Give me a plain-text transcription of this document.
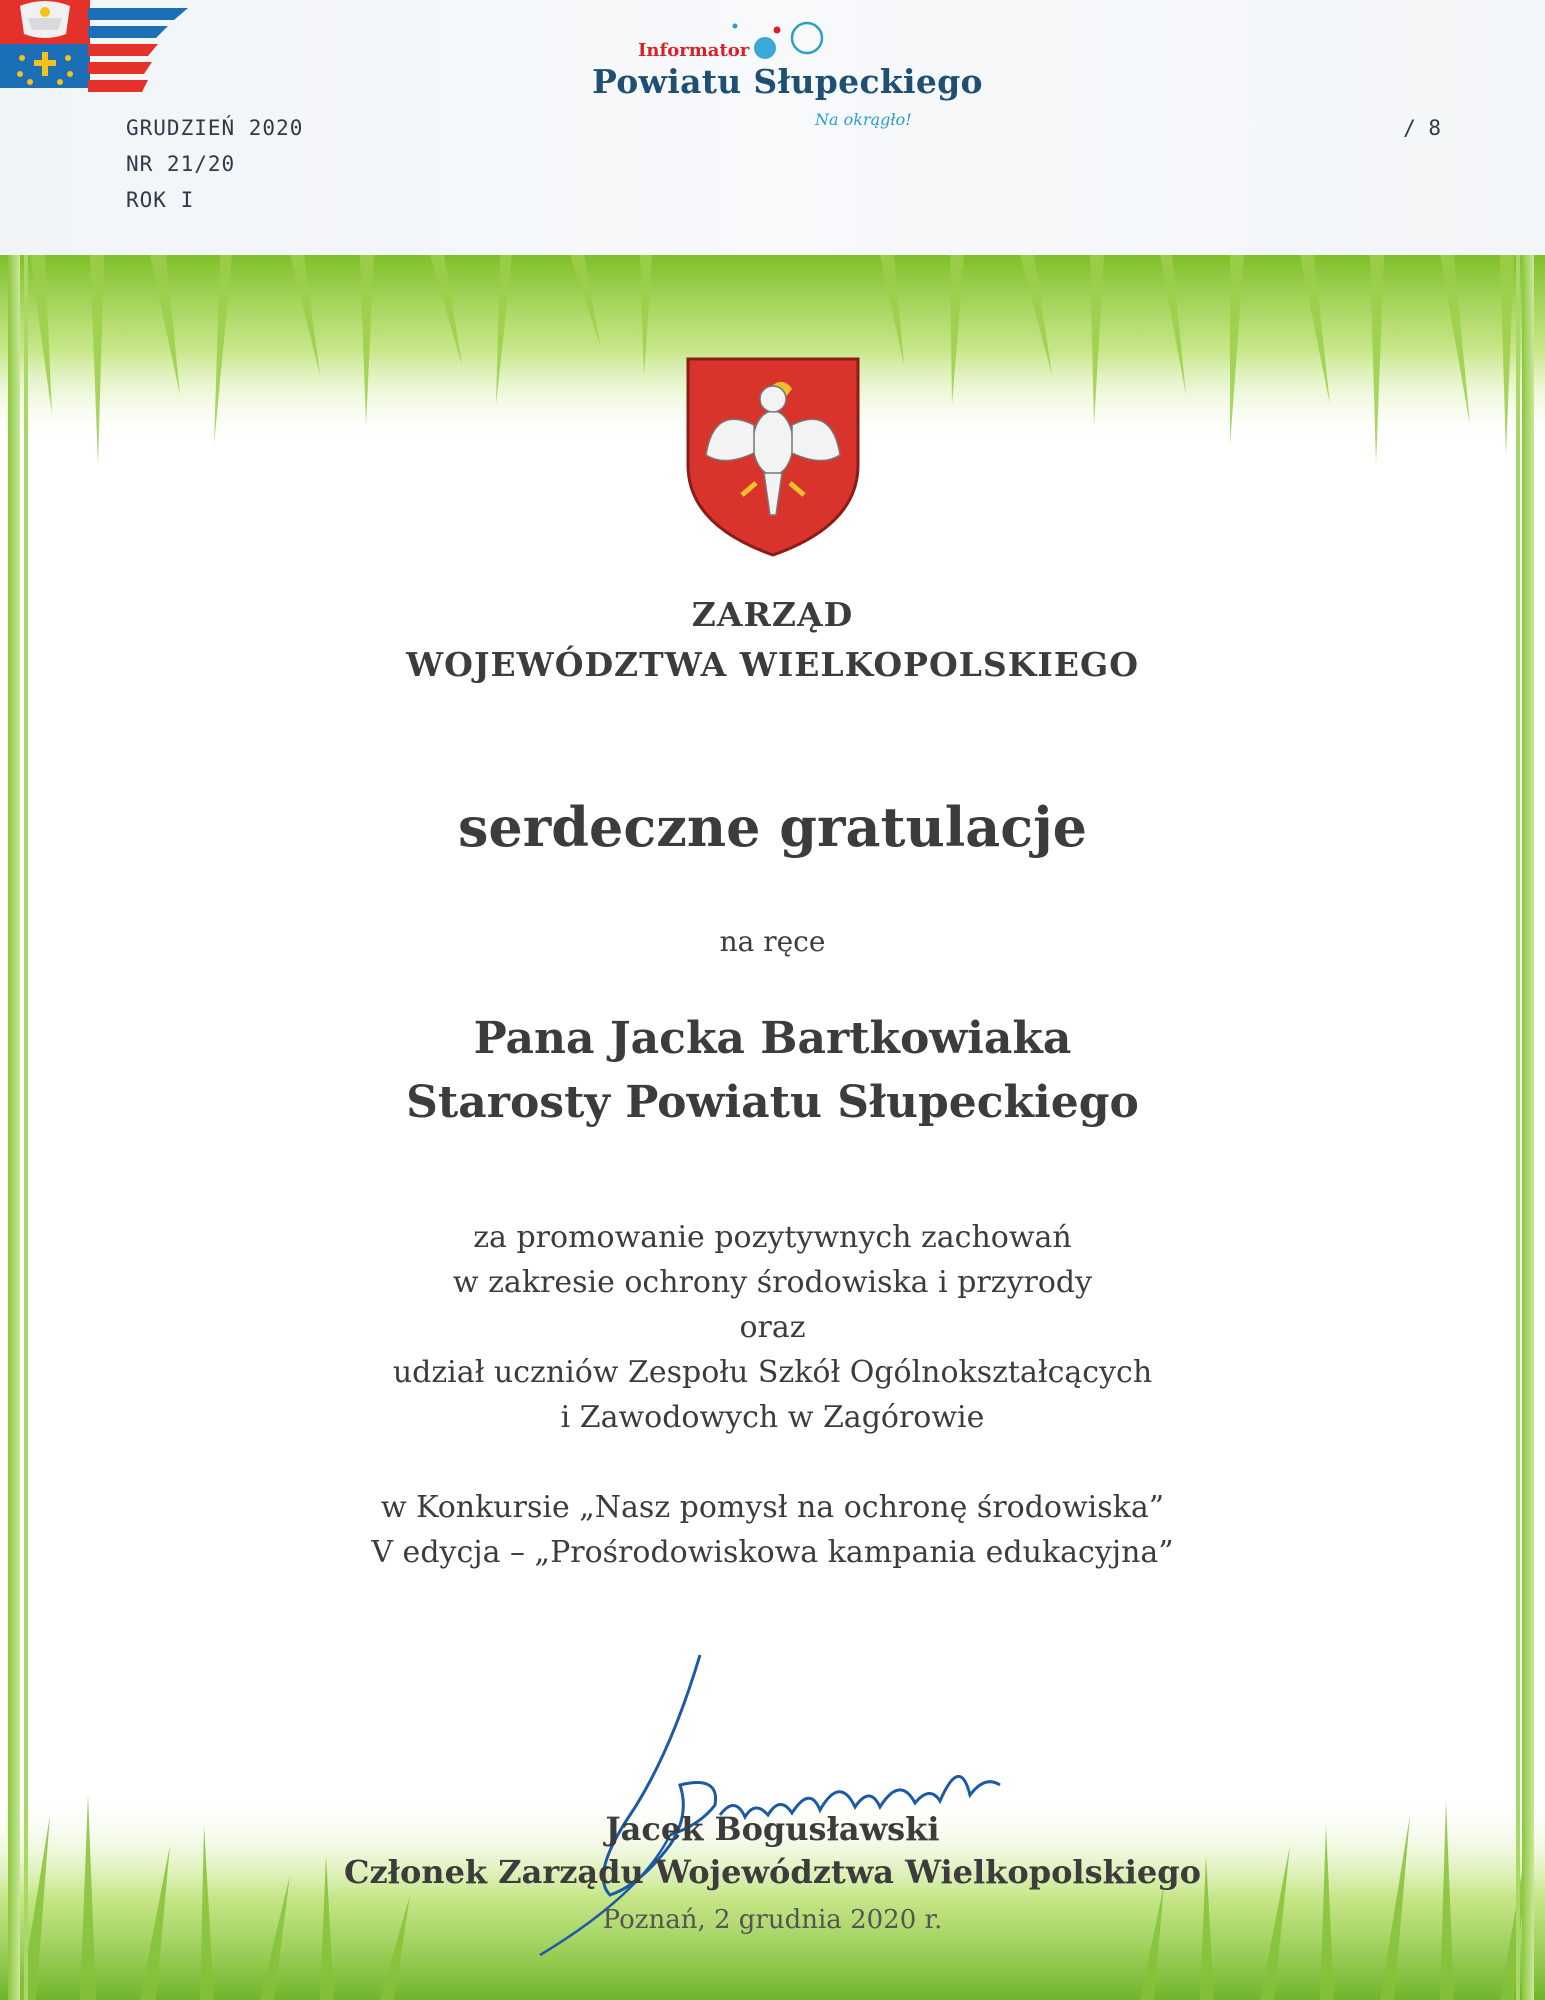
Informator
Powiatu Słupeckiego
Na okrągło!
GRUDZIEŃ 2020
NR 21/20
ROK I
/ 8
ZARZĄD
WOJEWÓDZTWA WIELKOPOLSKIEGO
serdeczne gratulacje
na ręce
Pana Jacka Bartkowiaka
Starosty Powiatu Słupeckiego
za promowanie pozytywnych zachowań
w zakresie ochrony środowiska i przyrody
oraz
udział uczniów Zespołu Szkół Ogólnokształcących
i Zawodowych w Zagórowie
w Konkursie „Nasz pomysł na ochronę środowiska”
V edycja – „Prośrodowiskowa kampania edukacyjna”
Jacek Bogusławski
Członek Zarządu Województwa Wielkopolskiego
Poznań, 2 grudnia 2020 r.
